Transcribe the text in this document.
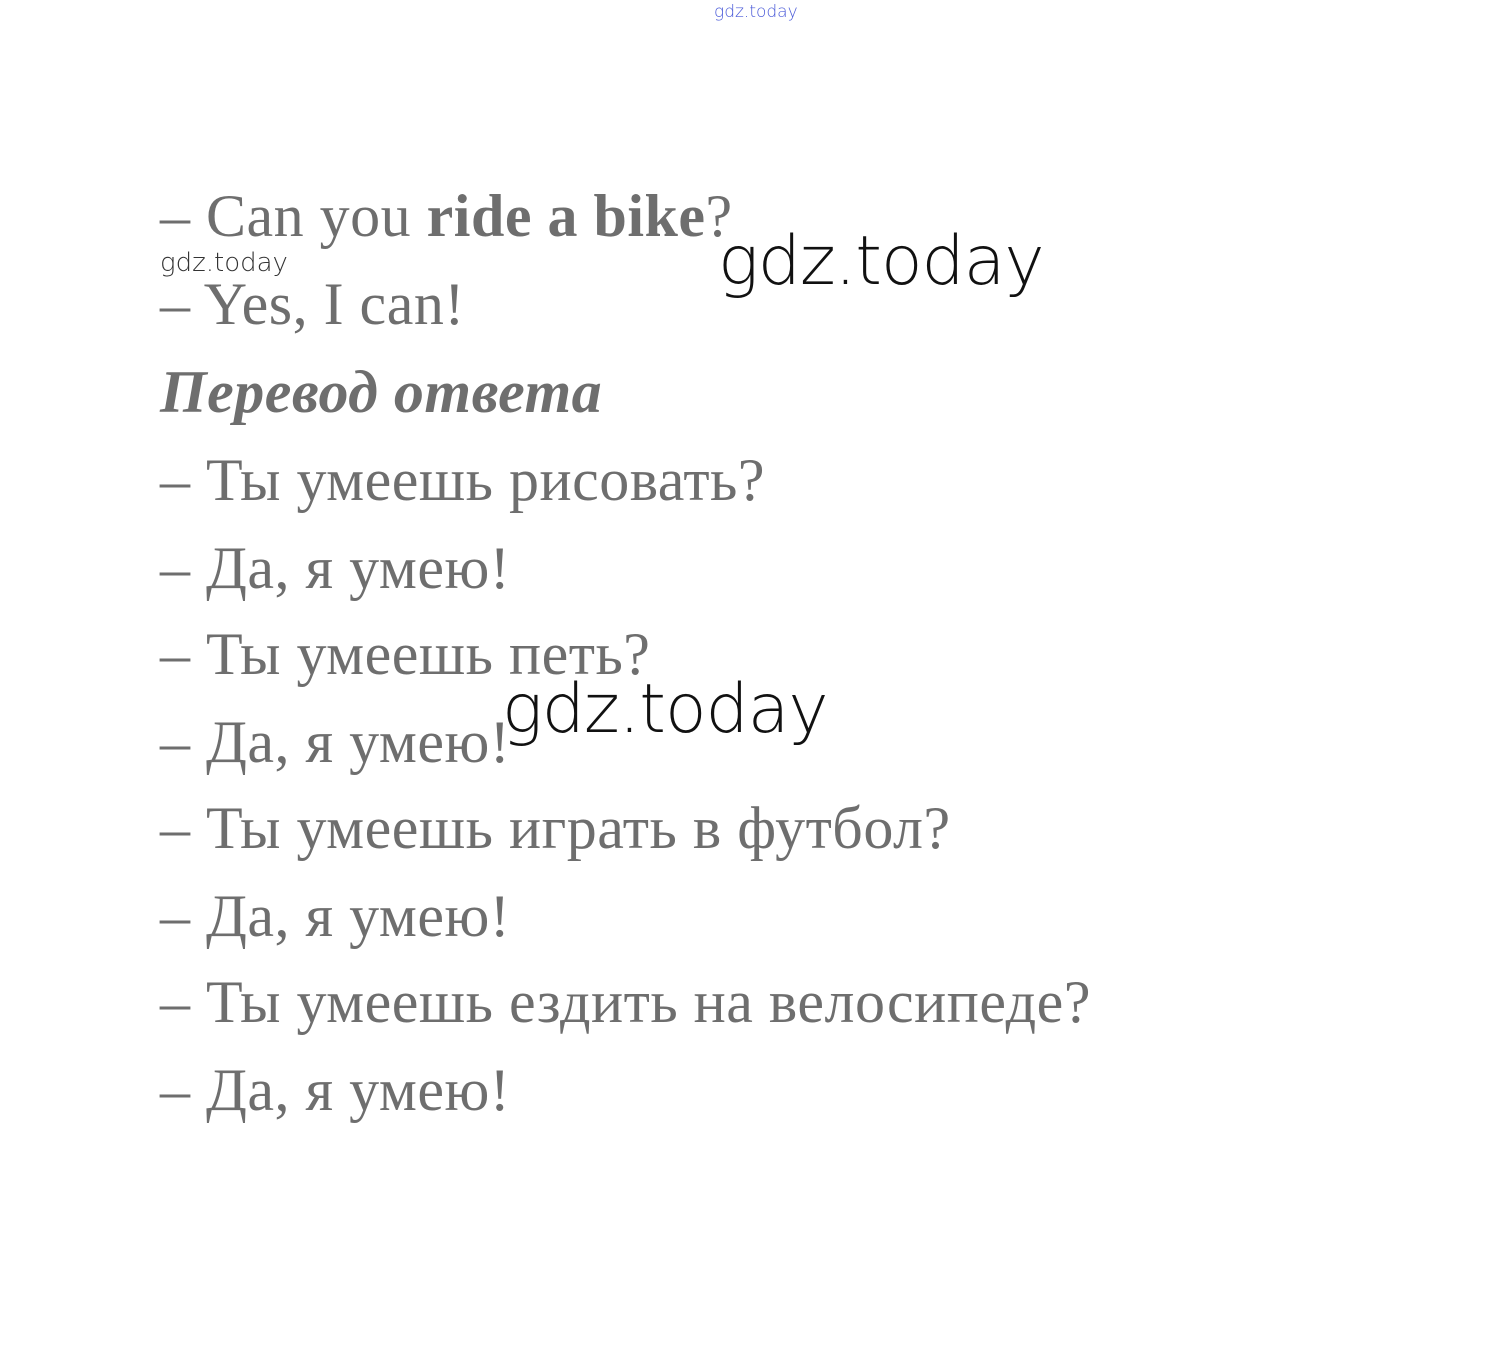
gdz.today
– Can you ride a bike?
gdz.today	gdz.today
– Yes, I can!
Перевод ответа
– Ты умеешь рисовать?
– Да, я умею!
– Ты умеешь петь?
– Да, я умею!
gdz.today
– Ты умеешь играть в футбол?
– Да, я умею!
– Ты умеешь ездить на велосипеде?
– Да, я умею!
